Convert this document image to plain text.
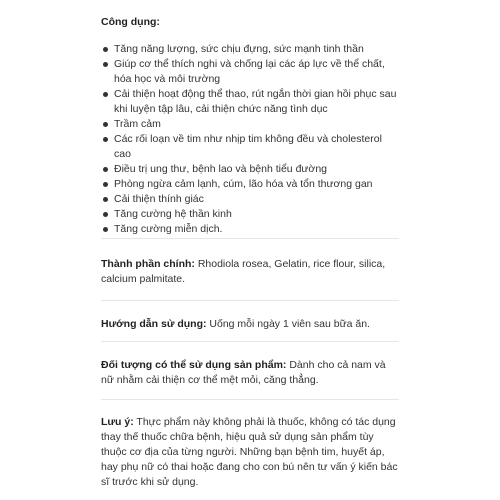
Công dụng:
Tăng năng lượng, sức chịu đựng, sức mạnh tinh thần
Giúp cơ thể thích nghi và chống lại các áp lực về thể chất, hóa học và môi trường
Cải thiện hoạt động thể thao, rút ngắn thời gian hồi phục sau khi luyện tập lâu, cải thiện chức năng tình dục
Trầm cảm
Các rối loạn về tim như nhịp tim không đều và cholesterol cao
Điều trị ung thư, bệnh lao và bệnh tiểu đường
Phòng ngừa cảm lạnh, cúm, lão hóa và tổn thương gan
Cải thiện thính giác
Tăng cường hệ thần kinh
Tăng cường miễn dịch.

Thành phần chính: Rhodiola rosea, Gelatin, rice flour, silica, calcium palmitate.

Hướng dẫn sử dụng: Uống mỗi ngày 1 viên sau bữa ăn.

Đối tượng có thể sử dụng sản phẩm: Dành cho cả nam và nữ nhằm cải thiện cơ thể mệt mỏi, căng thẳng.

Lưu ý: Thực phẩm này không phải là thuốc, không có tác dụng thay thế thuốc chữa bệnh, hiệu quả sử dụng sản phẩm tùy thuộc cơ địa của từng người. Những bạn bệnh tim, huyết áp, hay phụ nữ có thai hoặc đang cho con bú nên tư vấn ý kiến bác sĩ trước khi sử dụng.
